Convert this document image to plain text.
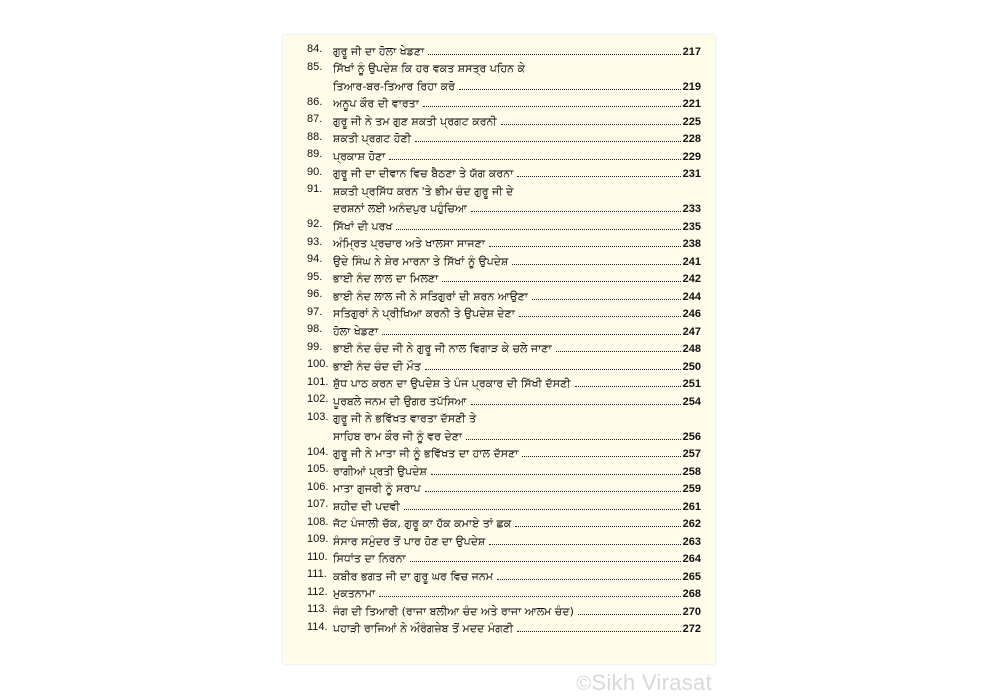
84. ਗੁਰੂ ਜੀ ਦਾ ਹੋਲਾ ਖੇਡਣਾ	217
85. ਸਿੱਖਾਂ ਨੂੰ ਉਪਦੇਸ਼ ਕਿ ਹਰ ਵਕਤ ਸ਼ਸਤ੍ਰ ਪਹਿਨ ਕੇ
ਤਿਆਰ-ਬਰ-ਤਿਆਰ ਰਿਹਾ ਕਰੋ	219
86. ਅਨੂਪ ਕੌਰ ਦੀ ਵਾਰਤਾ	221
87. ਗੁਰੂ ਜੀ ਨੇ ਤਮ ਗੁਣ ਸ਼ਕਤੀ ਪ੍ਰਗਟ ਕਰਨੀ	225
88. ਸ਼ਕਤੀ ਪ੍ਰਗਟ ਹੋਣੀ	228
89. ਪ੍ਰਕਾਸ਼ ਹੋਣਾ	229
90. ਗੁਰੂ ਜੀ ਦਾ ਦੀਵਾਨ ਵਿਚ ਬੈਠਣਾ ਤੇ ਯੱਗ ਕਰਨਾ	231
91. ਸ਼ਕਤੀ ਪ੍ਰਸਿੱਧ ਕਰਨ 'ਤੇ ਭੀਮ ਚੰਦ ਗੁਰੂ ਜੀ ਦੇ
ਦਰਸ਼ਨਾਂ ਲਈ ਅਨੰਦਪੁਰ ਪਹੁੰਚਿਆ	233
92. ਸਿੱਖਾਂ ਦੀ ਪਰਖ	235
93. ਅੰਮ੍ਰਿਤ ਪ੍ਰਚਾਰ ਅਤੇ ਖਾਲਸਾ ਸਾਜਣਾ	238
94. ਉਦੇ ਸਿੰਘ ਨੇ ਸ਼ੇਰ ਮਾਰਨਾ ਤੇ ਸਿੱਖਾਂ ਨੂੰ ਉਪਦੇਸ਼	241
95. ਭਾਈ ਨੰਦ ਲਾਲ ਦਾ ਮਿਲਣਾ	242
96. ਭਾਈ ਨੰਦ ਲਾਲ ਜੀ ਨੇ ਸਤਿਗੁਰਾਂ ਦੀ ਸ਼ਰਨ ਆਉਣਾ	244
97. ਸਤਿਗੁਰਾਂ ਨੇ ਪ੍ਰੀਖਿਆ ਕਰਨੀ ਤੇ ਉਪਦੇਸ਼ ਦੇਣਾ	246
98. ਹੋਲਾ ਖੇਡਣਾ	247
99. ਭਾਈ ਨੰਦ ਚੰਦ ਜੀ ਨੇ ਗੁਰੂ ਜੀ ਨਾਲ ਵਿਗਾੜ ਕੇ ਚਲੇ ਜਾਣਾ	248
100. ਭਾਈ ਨੰਦ ਚੰਦ ਦੀ ਮੌਤ	250
101. ਸ਼ੁੱਧ ਪਾਠ ਕਰਨ ਦਾ ਉਪਦੇਸ਼ ਤੇ ਪੰਜ ਪ੍ਰਕਾਰ ਦੀ ਸਿੱਖੀ ਦੱਸਣੀ	251
102. ਪੂਰਬਲੇ ਜਨਮ ਦੀ ਉਗਰ ਤਪੱਸਿਆ	254
103. ਗੁਰੂ ਜੀ ਨੇ ਭਵਿੱਖਤ ਵਾਰਤਾ ਦੱਸਣੀ ਤੇ
ਸਾਹਿਬ ਰਾਮ ਕੌਰ ਜੀ ਨੂੰ ਵਰ ਦੇਣਾ	256
104. ਗੁਰੂ ਜੀ ਨੇ ਮਾਤਾ ਜੀ ਨੂੰ ਭਵਿੱਖਤ ਦਾ ਹਾਲ ਦੱਸਣਾ	257
105. ਰਾਗੀਆਂ ਪ੍ਰਤੀ ਉਪਦੇਸ਼	258
106. ਮਾਤਾ ਗੁਜਰੀ ਨੂੰ ਸਰਾਪ	259
107. ਸ਼ਹੀਦ ਦੀ ਪਦਵੀ	261
108. ਜੱਟ ਪੰਜਾਲੀ ਚੱਕ, ਗੁਰੂ ਕਾ ਹੱਕ ਕਮਾਏ ਤਾਂ ਛਕ	262
109. ਸੰਸਾਰ ਸਮੁੰਦਰ ਤੋਂ ਪਾਰ ਹੋਣ ਦਾ ਉਪਦੇਸ਼	263
110. ਸਿਧਾਂਤ ਦਾ ਨਿਰਨਾ	264
111. ਕਬੀਰ ਭਗਤ ਜੀ ਦਾ ਗੁਰੂ ਘਰ ਵਿਚ ਜਨਮ	265
112. ਮੁਕਤਨਾਮਾ	268
113. ਜੰਗ ਦੀ ਤਿਆਰੀ (ਰਾਜਾ ਬਲੀਆ ਚੰਦ ਅਤੇ ਰਾਜਾ ਆਲਮ ਚੰਦ)	270
114. ਪਹਾੜੀ ਰਾਜਿਆਂ ਨੇ ਔਰੰਗਜ਼ੇਬ ਤੋਂ ਮਦਦ ਮੰਗਣੀ	272
©Sikh Virasat
